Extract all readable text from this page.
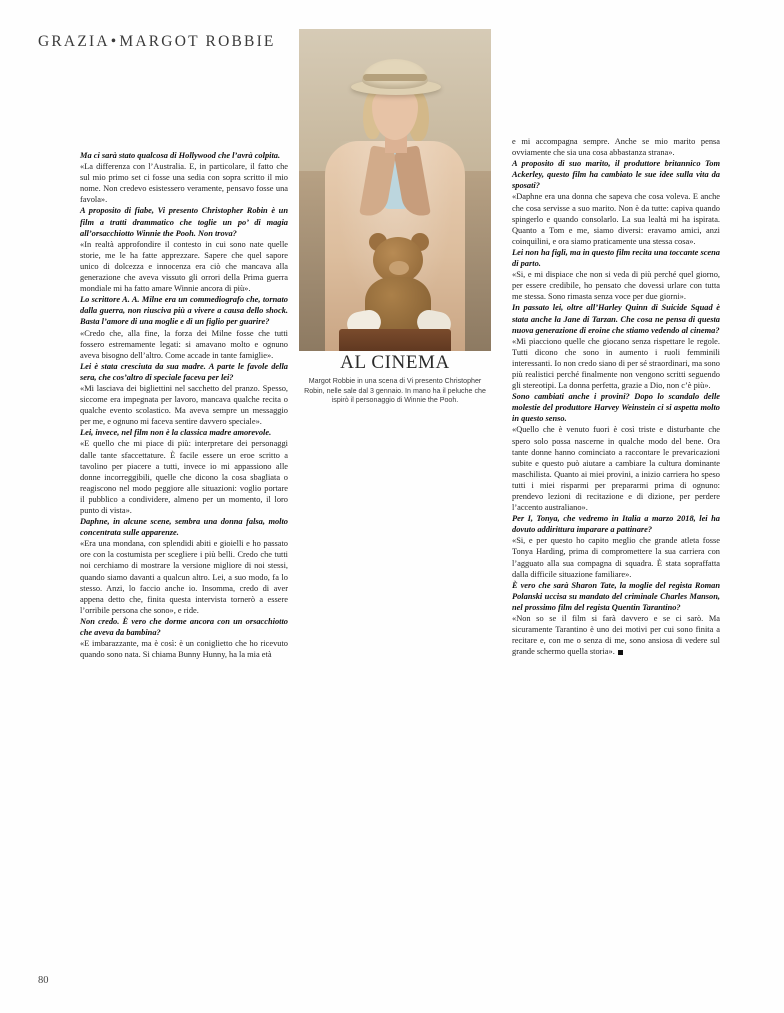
GRAZIA•MARGOT ROBBIE
AL CINEMA
Margot Robbie in una scena di Vi presento Christopher Robin, nelle sale dal 3 gennaio. In mano ha il peluche che ispirò il personaggio di Winnie the Pooh.

Ma ci sarà stato qualcosa di Hollywood che l’avrà colpita.

«La differenza con l’Australia. E, in particolare, il fatto che sul mio primo set ci fosse una sedia con sopra scritto il mio nome. Non credevo esistessero veramente, pensavo fosse una favola».

A proposito di fiabe, Vi presento Christopher Robin è un film a tratti drammatico che toglie un po’ di magia all’orsacchiotto Winnie the Pooh. Non trova?

«In realtà approfondire il contesto in cui sono nate quelle storie, me le ha fatte apprezzare. Sapere che quel sapore unico di dolcezza e innocenza era ciò che mancava alla generazione che aveva vissuto gli orrori della Prima guerra mondiale mi ha fatto amare Winnie ancora di più».

Lo scrittore A. A. Milne era un commediografo che, tornato dalla guerra, non riusciva più a vivere a causa dello shock. Basta l’amore di una moglie e di un figlio per guarire?

«Credo che, alla fine, la forza dei Milne fosse che tutti fossero estremamente legati: si amavano molto e ognuno aveva bisogno dell’altro. Come accade in tante famiglie».

Lei è stata cresciuta da sua madre. A parte le favole della sera, che cos’altro di speciale faceva per lei?

«Mi lasciava dei bigliettini nel sacchetto del pranzo. Spesso, siccome era impegnata per lavoro, mancava qualche recita o qualche evento scolastico. Ma aveva sempre un messaggio per me, e ognuno mi faceva sentire davvero speciale».

Lei, invece, nel film non è la classica madre amorevole.

«E quello che mi piace di più: interpretare dei personaggi dalle tante sfaccettature. È facile essere un eroe scritto a tavolino per piacere a tutti, invece io mi appassiono alle donne incorreggibili, quelle che dicono la cosa sbagliata o reagiscono nel modo peggiore alle situazioni: voglio portare il pubblico a condividere, almeno per un momento, il loro punto di vista».

Daphne, in alcune scene, sembra una donna falsa, molto concentrata sulle apparenze.

«Era una mondana, con splendidi abiti e gioielli e ho passato ore con la costumista per scegliere i più belli. Credo che tutti noi cerchiamo di mostrare la versione migliore di noi stessi, quando siamo davanti a qualcun altro. Lei, a suo modo, fa lo stesso. Anzi, lo faccio anche io. Insomma, credo di aver appena detto che, finita questa intervista tornerò a essere l’orribile persona che sono», e ride.

Non credo. È vero che dorme ancora con un orsacchiotto che aveva da bambina?

«E imbarazzante, ma è così: è un coniglietto che ho ricevuto quando sono nata. Si chiama Bunny Hunny, ha la mia età

e mi accompagna sempre. Anche se mio marito pensa ovviamente che sia una cosa abbastanza strana».

A proposito di suo marito, il produttore britannico Tom Ackerley, questo film ha cambiato le sue idee sulla vita da sposati?

«Daphne era una donna che sapeva che cosa voleva. E anche che cosa servisse a suo marito. Non è da tutte: capiva quando spingerlo e quando consolarlo. La sua lealtà mi ha ispirata. Quanto a Tom e me, siamo diversi: eravamo amici, anzi coinquilini, e ora siamo praticamente una stessa cosa».

Lei non ha figli, ma in questo film recita una toccante scena di parto.

«Si, e mi dispiace che non si veda di più perché quel giorno, per essere credibile, ho pensato che dovessi urlare con tutta me stessa. Sono rimasta senza voce per due giorni».

In passato lei, oltre all’Harley Quinn di Suicide Squad è stata anche la Jane di Tarzan. Che cosa ne pensa di questa nuova generazione di eroine che stiamo vedendo al cinema?

«Mi piacciono quelle che giocano senza rispettare le regole. Tutti dicono che sono in aumento i ruoli femminili interessanti. Io non credo siano di per sé straordinari, ma sono più realistici perché finalmente non vengono scritti seguendo gli stereotipi. La donna perfetta, grazie a Dio, non c’è più».

Sono cambiati anche i provini? Dopo lo scandalo delle molestie del produttore Harvey Weinstein ci si aspetta molto in questo senso.

«Quello che è venuto fuori è così triste e disturbante che spero solo possa nascerne in qualche modo del bene. Ora tante donne hanno cominciato a raccontare le prevaricazioni subite e questo può aiutare a cambiare la cultura dominante maschilista. Quanto ai miei provini, a inizio carriera ho speso tutti i miei risparmi per prepararmi prima di ognuno: prendevo lezioni di recitazione e di dizione, per perdere l’accento australiano».

Per I, Tonya, che vedremo in Italia a marzo 2018, lei ha dovuto addirittura imparare a pattinare?

«Si, e per questo ho capito meglio che grande atleta fosse Tonya Harding, prima di compromettere la sua carriera con l’agguato alla sua compagna di squadra. È stata sopraffatta dalla difficile situazione familiare».

È vero che sarà Sharon Tate, la moglie del regista Roman Polanski uccisa su mandato del criminale Charles Manson, nel prossimo film del regista Quentin Tarantino?

«Non so se il film si farà davvero e se ci sarò. Ma sicuramente Tarantino è uno dei motivi per cui sono finita a recitare e, con me o senza di me, sono ansiosa di vedere sul grande schermo quella storia».

80
